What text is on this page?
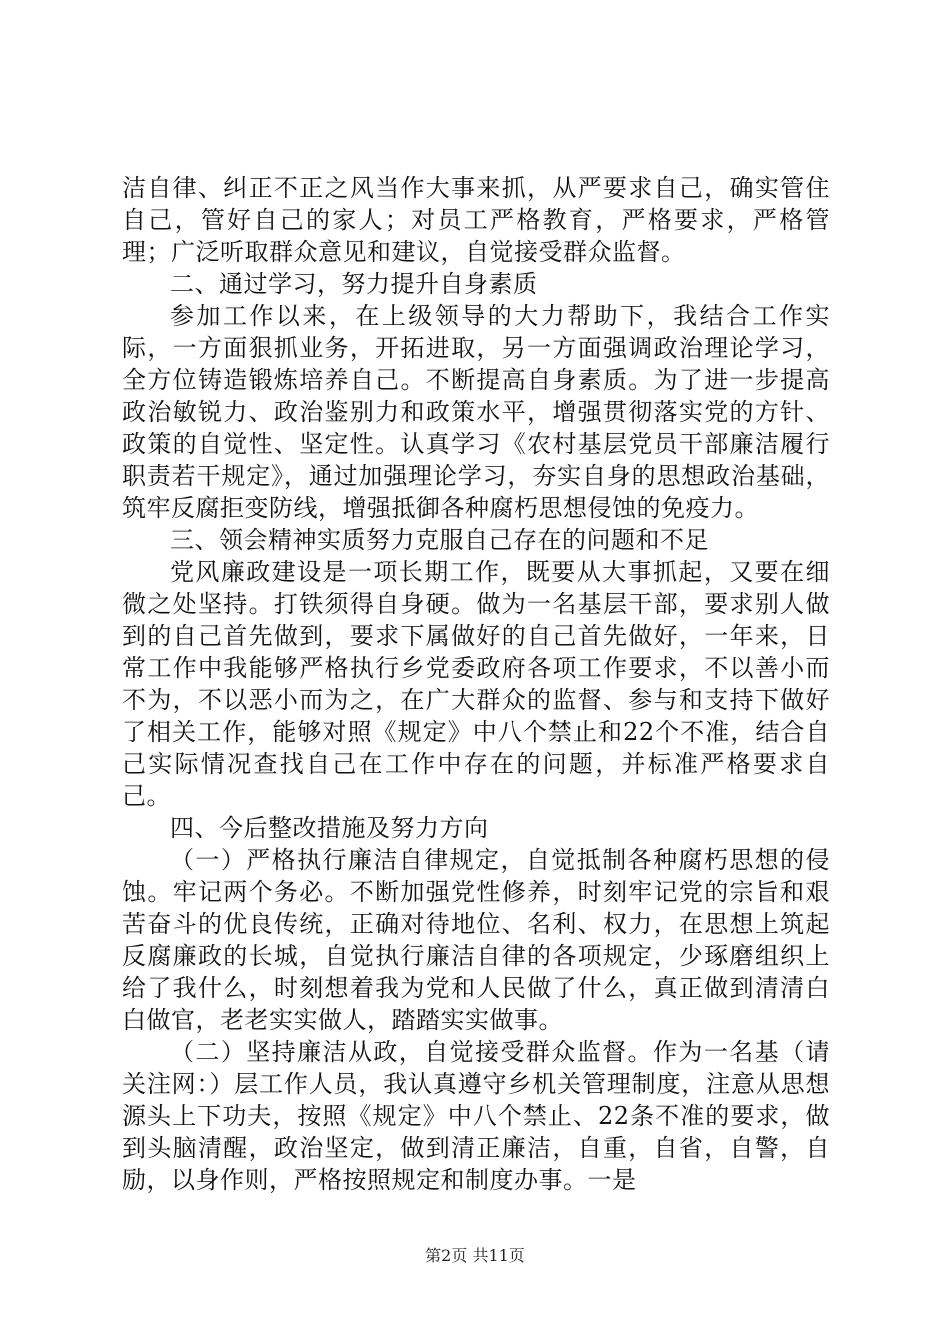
洁自律、纠正不正之风当作大事来抓，从严要求自己，确实管住自己，管好自己的家人；对员工严格教育，严格要求，严格管理；广泛听取群众意见和建议，自觉接受群众监督。

二、通过学习，努力提升自身素质

参加工作以来，在上级领导的大力帮助下，我结合工作实际，一方面狠抓业务，开拓进取，另一方面强调政治理论学习，全方位铸造锻炼培养自己。不断提高自身素质。为了进一步提高政治敏锐力、政治鉴别力和政策水平，增强贯彻落实党的方针、政策的自觉性、坚定性。认真学习《农村基层党员干部廉洁履行职责若干规定》，通过加强理论学习，夯实自身的思想政治基础，筑牢反腐拒变防线，增强抵御各种腐朽思想侵蚀的免疫力。

三、领会精神实质努力克服自己存在的问题和不足

党风廉政建设是一项长期工作，既要从大事抓起，又要在细微之处坚持。打铁须得自身硬。做为一名基层干部，要求别人做到的自己首先做到，要求下属做好的自己首先做好，一年来，日常工作中我能够严格执行乡党委政府各项工作要求，不以善小而不为，不以恶小而为之，在广大群众的监督、参与和支持下做好了相关工作，能够对照《规定》中八个禁止和22个不准，结合自己实际情况查找自己在工作中存在的问题，并标准严格要求自己。

四、今后整改措施及努力方向

（一）严格执行廉洁自律规定，自觉抵制各种腐朽思想的侵蚀。牢记两个务必。不断加强党性修养，时刻牢记党的宗旨和艰苦奋斗的优良传统，正确对待地位、名利、权力，在思想上筑起反腐廉政的长城，自觉执行廉洁自律的各项规定，少琢磨组织上给了我什么，时刻想着我为党和人民做了什么，真正做到清清白白做官，老老实实做人，踏踏实实做事。

（二）坚持廉洁从政，自觉接受群众监督。作为一名基（请关注网：）层工作人员，我认真遵守乡机关管理制度，注意从思想源头上下功夫，按照《规定》中八个禁止、22条不准的要求，做到头脑清醒，政治坚定，做到清正廉洁，自重，自省，自警，自励，以身作则，严格按照规定和制度办事。一是

第2页 共11页
